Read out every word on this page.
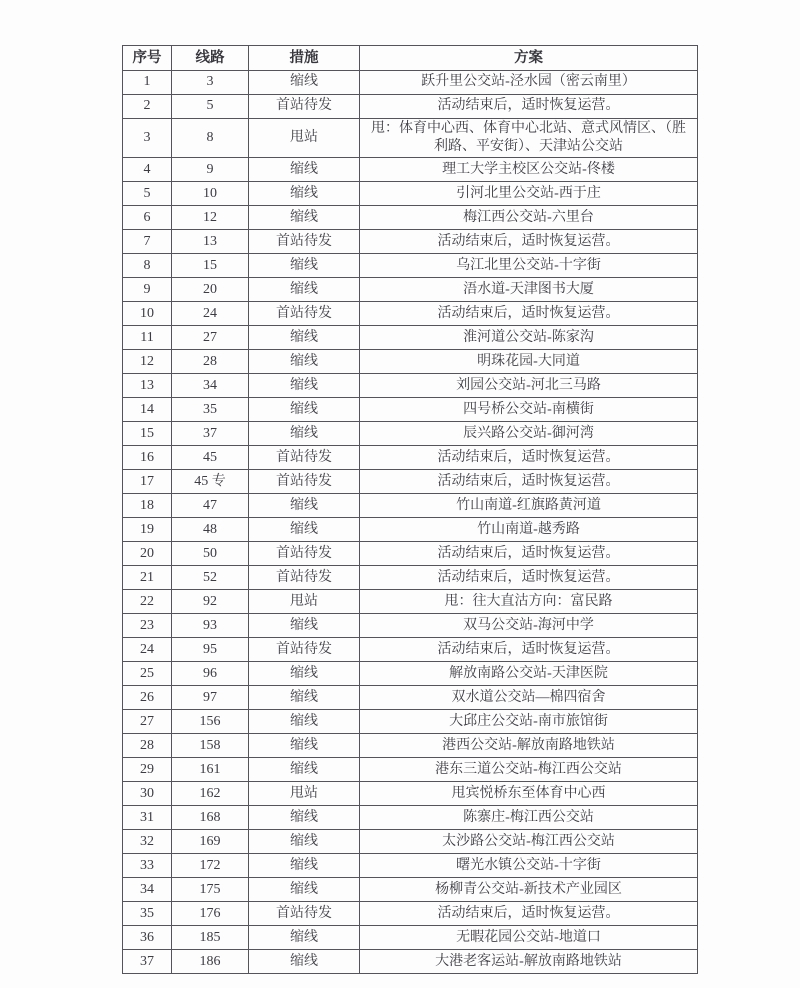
序号	线路	措施	方案
1	3	缩线	跃升里公交站-泾水园（密云南里）
2	5	首站待发	活动结束后，适时恢复运营。
3	8	甩站	甩：体育中心西、体育中心北站、意式风情区、（胜利路、平安街）、天津站公交站
4	9	缩线	理工大学主校区公交站-佟楼
5	10	缩线	引河北里公交站-西于庄
6	12	缩线	梅江西公交站-六里台
7	13	首站待发	活动结束后，适时恢复运营。
8	15	缩线	乌江北里公交站-十字街
9	20	缩线	浯水道-天津图书大厦
10	24	首站待发	活动结束后，适时恢复运营。
11	27	缩线	淮河道公交站-陈家沟
12	28	缩线	明珠花园-大同道
13	34	缩线	刘园公交站-河北三马路
14	35	缩线	四号桥公交站-南横街
15	37	缩线	辰兴路公交站-御河湾
16	45	首站待发	活动结束后，适时恢复运营。
17	45 专	首站待发	活动结束后，适时恢复运营。
18	47	缩线	竹山南道-红旗路黄河道
19	48	缩线	竹山南道-越秀路
20	50	首站待发	活动结束后，适时恢复运营。
21	52	首站待发	活动结束后，适时恢复运营。
22	92	甩站	甩：往大直沽方向：富民路
23	93	缩线	双马公交站-海河中学
24	95	首站待发	活动结束后，适时恢复运营。
25	96	缩线	解放南路公交站-天津医院
26	97	缩线	双水道公交站—棉四宿舍
27	156	缩线	大邱庄公交站-南市旅馆街
28	158	缩线	港西公交站-解放南路地铁站
29	161	缩线	港东三道公交站-梅江西公交站
30	162	甩站	甩宾悦桥东至体育中心西
31	168	缩线	陈寨庄-梅江西公交站
32	169	缩线	太沙路公交站-梅江西公交站
33	172	缩线	曙光水镇公交站-十字街
34	175	缩线	杨柳青公交站-新技术产业园区
35	176	首站待发	活动结束后，适时恢复运营。
36	185	缩线	无暇花园公交站-地道口
37	186	缩线	大港老客运站-解放南路地铁站
